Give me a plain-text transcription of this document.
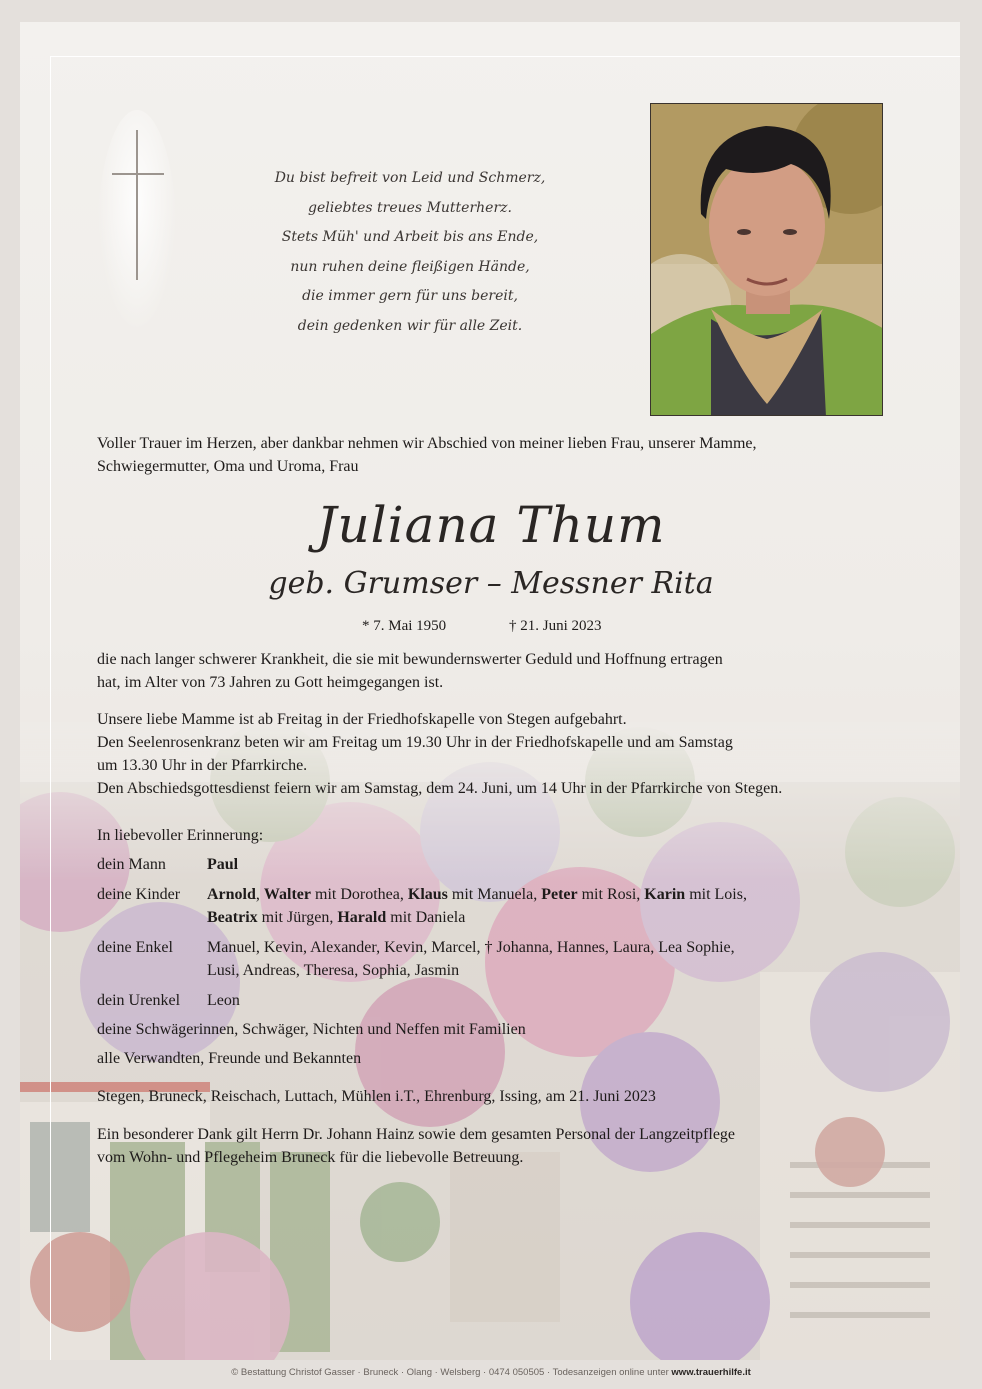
Du bist befreit von Leid und Schmerz,
geliebtes treues Mutterherz.
Stets Müh' und Arbeit bis ans Ende,
nun ruhen deine fleißigen Hände,
die immer gern für uns bereit,
dein gedenken wir für alle Zeit.
Voller Trauer im Herzen, aber dankbar nehmen wir Abschied von meiner lieben Frau, unserer Mamme,
Schwiegermutter, Oma und Uroma, Frau
Juliana Thum
geb. Grumser – Messner Rita
* 7. Mai 1950	† 21. Juni 2023
die nach langer schwerer Krankheit, die sie mit bewundernswerter Geduld und Hoffnung ertragen
hat, im Alter von 73 Jahren zu Gott heimgegangen ist.
Unsere liebe Mamme ist ab Freitag in der Friedhofskapelle von Stegen aufgebahrt.
Den Seelenrosenkranz beten wir am Freitag um 19.30 Uhr in der Friedhofskapelle und am Samstag
um 13.30 Uhr in der Pfarrkirche.
Den Abschiedsgottesdienst feiern wir am Samstag, dem 24. Juni, um 14 Uhr in der Pfarrkirche von Stegen.
In liebevoller Erinnerung:
dein Mann	Paul
deine Kinder Arnold, Walter mit Dorothea, Klaus mit Manuela, Peter mit Rosi, Karin mit Lois,
Beatrix mit Jürgen, Harald mit Daniela
deine Enkel Manuel, Kevin, Alexander, Kevin, Marcel, † Johanna, Hannes, Laura, Lea Sophie,
Lusi, Andreas, Theresa, Sophia, Jasmin
dein Urenkel Leon
deine Schwägerinnen, Schwäger, Nichten und Neffen mit Familien
alle Verwandten, Freunde und Bekannten
Stegen, Bruneck, Reischach, Luttach, Mühlen i.T., Ehrenburg, Issing, am 21. Juni 2023
Ein besonderer Dank gilt Herrn Dr. Johann Hainz sowie dem gesamten Personal der Langzeitpflege
vom Wohn- und Pflegeheim Bruneck für die liebevolle Betreuung.
© Bestattung Christof Gasser · Bruneck · Olang · Welsberg · 0474 050505 · Todesanzeigen online unter www.trauerhilfe.it
